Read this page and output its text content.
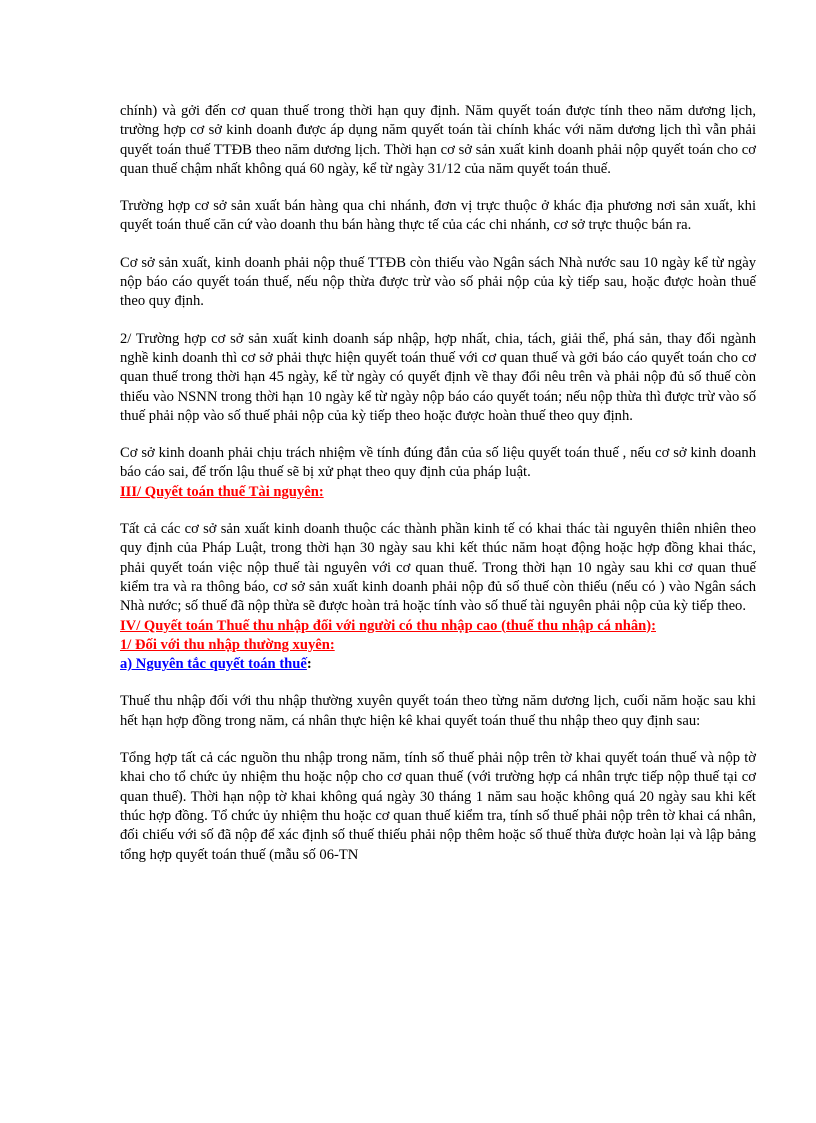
chính) và gởi đến cơ quan thuế trong thời hạn quy định. Năm quyết toán được tính theo năm dương lịch, trường hợp cơ sở kinh doanh được áp dụng năm quyết toán tài chính khác với năm dương lịch thì vẫn phải quyết toán thuế TTĐB theo năm dương lịch. Thời hạn cơ sở sản xuất kinh doanh phải nộp quyết toán cho cơ quan thuế chậm nhất không quá 60 ngày, kể từ ngày 31/12 của năm quyết toán thuế.

Trường hợp cơ sở sản xuất bán hàng qua chi nhánh, đơn vị trực thuộc ở khác địa phương nơi sản xuất, khi quyết toán thuế căn cứ vào doanh thu bán hàng thực tế của các chi nhánh, cơ sở trực thuộc bán ra.

Cơ sở sản xuất, kinh doanh phải nộp thuế TTĐB còn thiếu vào Ngân sách Nhà nước sau 10 ngày kể từ ngày nộp báo cáo quyết toán thuế, nếu nộp thừa được trừ vào số phải nộp của kỳ tiếp sau, hoặc được hoàn thuế theo quy định.

2/ Trường hợp cơ sở sản xuất kinh doanh sáp nhập, hợp nhất, chia, tách, giải thể, phá sản, thay đổi ngành nghề kinh doanh thì cơ sở phải thực hiện quyết toán thuế với cơ quan thuế và gởi báo cáo quyết toán cho cơ quan thuế trong thời hạn 45 ngày, kể từ ngày có quyết định về thay đổi nêu trên và phải nộp đủ số thuế còn thiếu vào NSNN trong thời hạn 10 ngày kể từ ngày nộp báo cáo quyết toán; nếu nộp thừa thì được trừ vào số thuế phải nộp vào số thuế phải nộp của kỳ tiếp theo hoặc được hoàn thuế theo quy định.

Cơ sở kinh doanh phải chịu trách nhiệm về tính đúng đắn của số liệu quyết toán thuế , nếu cơ sở kinh doanh báo cáo sai, để trốn lậu thuế sẽ bị xử phạt theo quy định của pháp luật.

III/ Quyết toán thuế Tài nguyên:

Tất cả các cơ sở sản xuất kinh doanh thuộc các thành phần kinh tế có khai thác tài nguyên thiên nhiên theo quy định của Pháp Luật, trong thời hạn 30 ngày sau khi kết thúc năm hoạt động hoặc hợp đồng khai thác, phải quyết toán việc nộp thuế tài nguyên với cơ quan thuế. Trong thời hạn 10 ngày sau khi cơ quan thuế kiểm tra và ra thông báo, cơ sở sản xuất kinh doanh phải nộp đủ số thuế còn thiếu (nếu có ) vào Ngân sách Nhà nước; số thuế đã nộp thừa sẽ được hoàn trả hoặc tính vào số thuế tài nguyên phải nộp của kỳ tiếp theo.

IV/ Quyết toán Thuế thu nhập đối với người có thu nhập cao (thuế thu nhập cá nhân):

1/ Đối với thu nhập thường xuyên:

a) Nguyên tắc quyết toán thuế:

Thuế thu nhập đối với thu nhập thường xuyên quyết toán theo từng năm dương lịch, cuối năm hoặc sau khi hết hạn hợp đồng trong năm, cá nhân thực hiện kê khai quyết toán thuế thu nhập theo quy định sau:

Tổng hợp tất cả các nguồn thu nhập trong năm, tính số thuế phải nộp trên tờ khai quyết toán thuế và nộp tờ khai cho tổ chức ủy nhiệm thu hoặc nộp cho cơ quan thuế (với trường hợp cá nhân trực tiếp nộp thuế tại cơ quan thuế). Thời hạn nộp tờ khai không quá ngày 30 tháng 1 năm sau hoặc không quá 20 ngày sau khi kết thúc hợp đồng. Tổ chức ủy nhiệm thu hoặc cơ quan thuế kiểm tra, tính số thuế phải nộp trên tờ khai cá nhân, đối chiếu với số đã nộp để xác định số thuế thiếu phải nộp thêm hoặc số thuế thừa được hoàn lại và lập bảng tổng hợp quyết toán thuế (mẫu số 06-TN
